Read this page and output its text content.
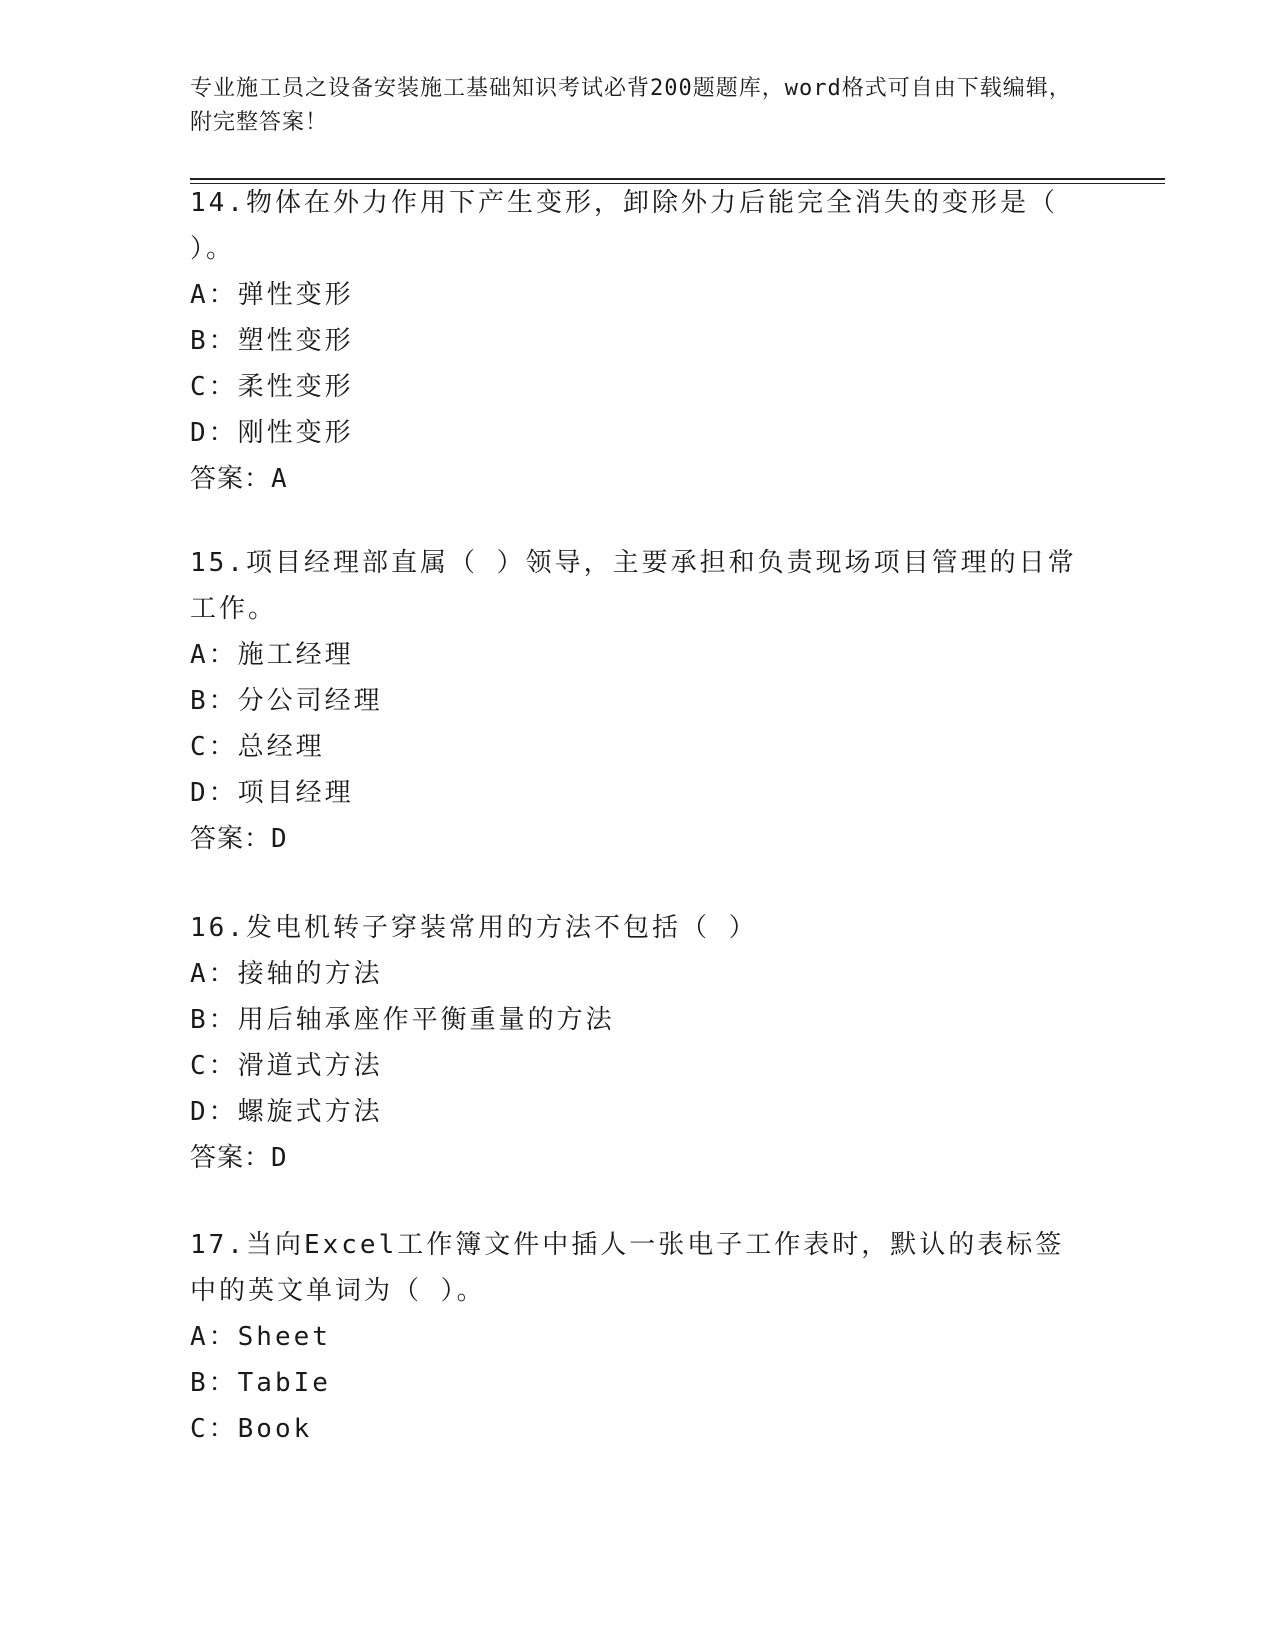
专业施工员之设备安装施工基础知识考试必背200题题库，word格式可自由下载编辑，附完整答案！
14.物体在外力作用下产生变形，卸除外力后能完全消失的变形是（ ）。
A：弹性变形
B：塑性变形
C：柔性变形
D：刚性变形
答案：A
15.项目经理部直属（ ）领导，主要承担和负责现场项目管理的日常工作。
A：施工经理
B：分公司经理
C：总经理
D：项目经理
答案：D
16.发电机转子穿装常用的方法不包括（ ）
A：接轴的方法
B：用后轴承座作平衡重量的方法
C：滑道式方法
D：螺旋式方法
答案：D
17.当向Excel工作簿文件中插人一张电子工作表时，默认的表标签中的英文单词为（ ）。
A：Sheet
B：TabIe
C：Book
